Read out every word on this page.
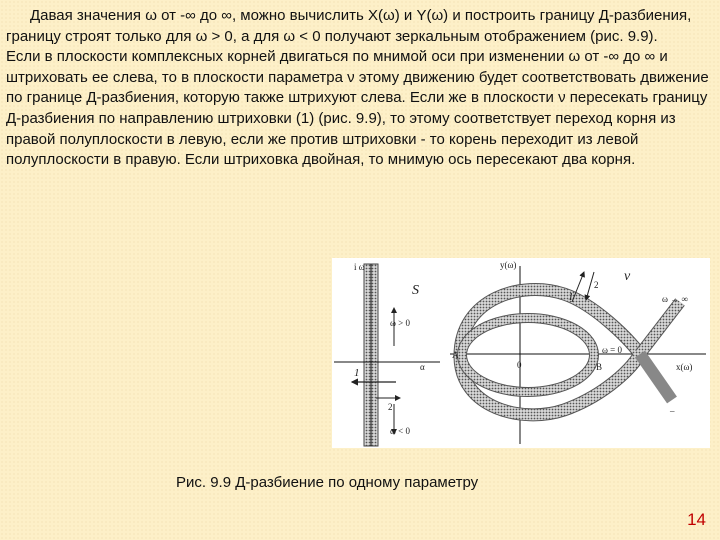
Давая значения ω от -∞ до ∞, можно вычислить X(ω) и Y(ω) и построить границу Д-разбиения, границу строят только для ω > 0, а для ω < 0 получают зеркальным отображением (рис. 9.9).

Если в плоскости комплексных корней двигаться по мнимой оси при изменении ω от -∞ до ∞ и штриховать ее слева, то в плоскости параметра ν этому движению будет соответствовать движение по границе Д-разбиения, которую также штрихуют слева. Если же в плоскости ν пересекать границу Д-разбиения по направлению штриховки (1) (рис. 9.9), то этому соответствует переход корня из правой полуплоскости в левую, если же против штриховки - то корень переходит из левой полуплоскости в правую. Если штриховка двойная, то мнимую ось пересекают два корня.

i ω
S
ω > 0
α
1
2
ω < 0
y(ω)
x(ω)
A
B
ω = 0
0
ν
ω → ∞
1
2
–
Рис. 9.9 Д-разбиение по одному параметру
14
